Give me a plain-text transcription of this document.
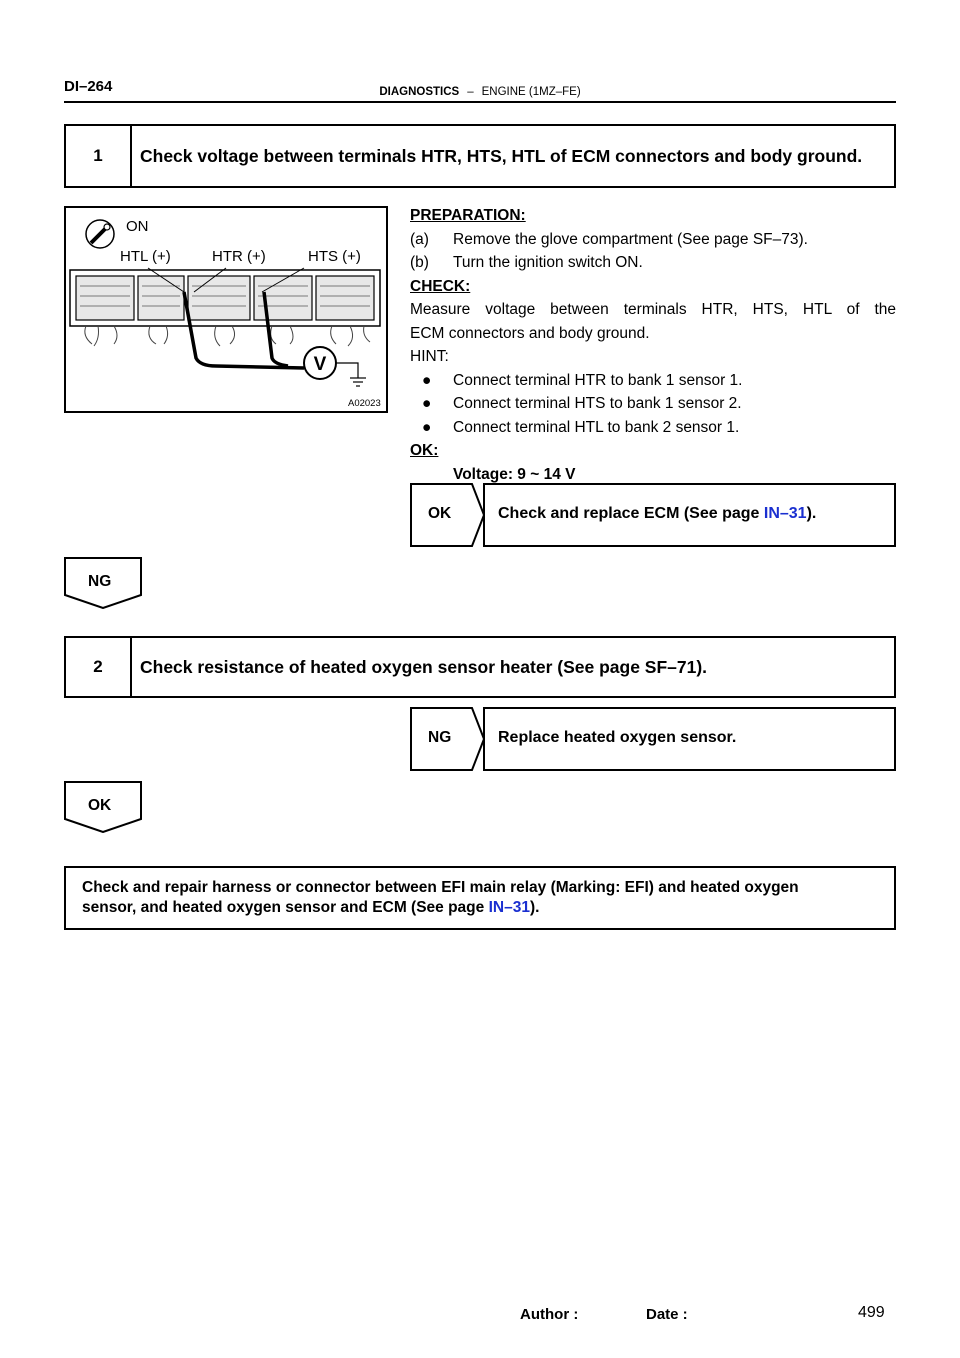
DI–264	DIAGNOSTICS – ENGINE (1MZ–FE)
1	Check voltage between terminals HTR, HTS, HTL of ECM connectors and body ground.
V
ON
HTL (+)	HTR (+)	HTS (+)
A02023
PREPARATION:
(a)	Remove the glove compartment (See page SF–73).
(b)	Turn the ignition switch ON.
CHECK:
Measure voltage between terminals HTR, HTS, HTL of the
ECM connectors and body ground.
HINT:
●	Connect terminal HTR to bank 1 sensor 1.
●	Connect terminal HTS to bank 1 sensor 2.
●	Connect terminal HTL to bank 2 sensor 1.
OK:
Voltage: 9 ~ 14 V
OK	Check and replace ECM (See page IN–31).
NG
2	Check resistance of heated oxygen sensor heater (See page SF–71).
NG	Replace heated oxygen sensor.
OK
Check and repair harness or connector between EFI main relay (Marking: EFI) and heated oxygen
sensor, and heated oxygen sensor and ECM (See page IN–31).
Author :	Date :	499
